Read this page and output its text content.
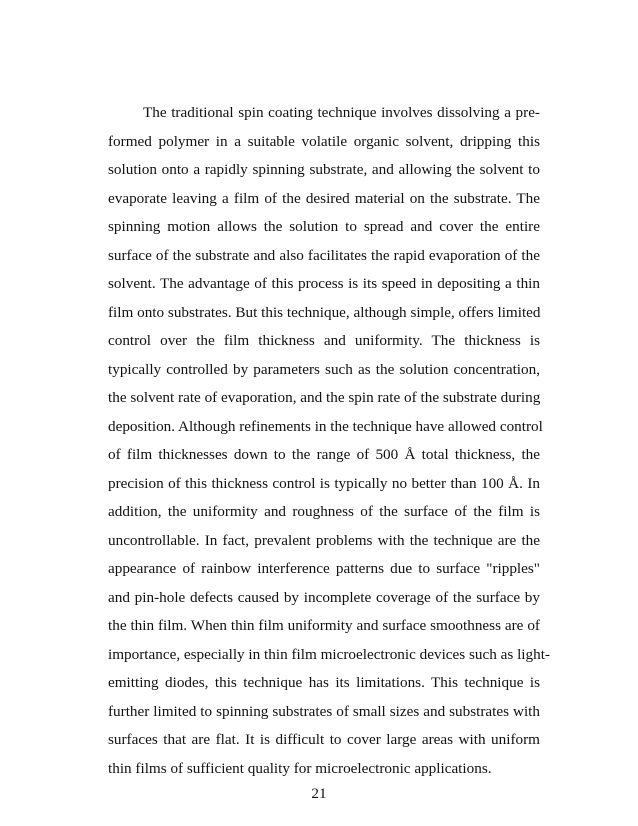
The traditional spin coating technique involves dissolving a pre-
formed polymer in a suitable volatile organic solvent, dripping this
solution onto a rapidly spinning substrate, and allowing the solvent to
evaporate leaving a film of the desired material on the substrate. The
spinning motion allows the solution to spread and cover the entire
surface of the substrate and also facilitates the rapid evaporation of the
solvent. The advantage of this process is its speed in depositing a thin
film onto substrates. But this technique, although simple, offers limited
control over the film thickness and uniformity. The thickness is
typically controlled by parameters such as the solution concentration,
the solvent rate of evaporation, and the spin rate of the substrate during
deposition. Although refinements in the technique have allowed control
of film thicknesses down to the range of 500 Å total thickness, the
precision of this thickness control is typically no better than 100 Å. In
addition, the uniformity and roughness of the surface of the film is
uncontrollable. In fact, prevalent problems with the technique are the
appearance of rainbow interference patterns due to surface "ripples"
and pin-hole defects caused by incomplete coverage of the surface by
the thin film. When thin film uniformity and surface smoothness are of
importance, especially in thin film microelectronic devices such as light-
emitting diodes, this technique has its limitations. This technique is
further limited to spinning substrates of small sizes and substrates with
surfaces that are flat. It is difficult to cover large areas with uniform
thin films of sufficient quality for microelectronic applications.
21
